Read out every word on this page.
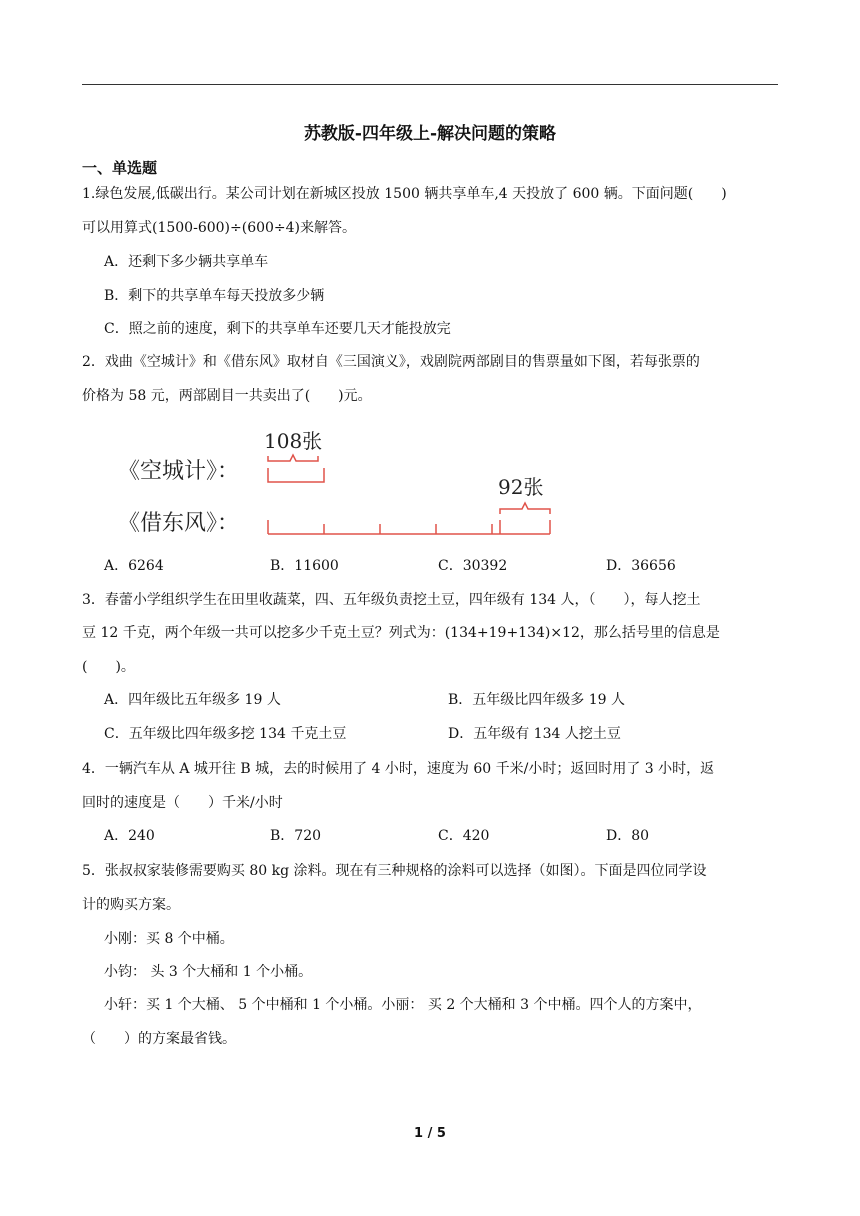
苏教版-四年级上-解决问题的策略
一、单选题
1.绿色发展,低碳出行。某公司计划在新城区投放 1500 辆共享单车,4 天投放了 600 辆。下面问题(　　)
可以用算式(1500-600)÷(600÷4)来解答。
A．还剩下多少辆共享单车
B．剩下的共享单车每天投放多少辆
C．照之前的速度，剩下的共享单车还要几天才能投放完
2．戏曲《空城计》和《借东风》取材自《三国演义》，戏剧院两部剧目的售票量如下图，若每张票的
价格为 58 元，两部剧目一共卖出了(　　)元。
108张
《空城计》：
92张
《借东风》：
A．6264	B．11600	C．30392	D．36656
3．春蕾小学组织学生在田里收蔬菜，四、五年级负责挖土豆，四年级有 134 人，（　　），每人挖土
豆 12 千克，两个年级一共可以挖多少千克土豆？列式为：(134+19+134)×12，那么括号里的信息是
(　　)。
A．四年级比五年级多 19 人	B．五年级比四年级多 19 人
C．五年级比四年级多挖 134 千克土豆	D．五年级有 134 人挖土豆
4．一辆汽车从 A 城开往 B 城，去的时候用了 4 小时，速度为 60 千米/小时；返回时用了 3 小时，返
回时的速度是（　　）千米/小时
A．240	B．720	C．420	D．80
5．张叔叔家装修需要购买 80 kg 涂料。现在有三种规格的涂料可以选择（如图）。下面是四位同学设
计的购买方案。
小刚：买 8 个中桶。
小钧： 头 3 个大桶和 1 个小桶。
小轩：买 1 个大桶、 5 个中桶和 1 个小桶。小丽： 买 2 个大桶和 3 个中桶。四个人的方案中，
（　　）的方案最省钱。
1 / 5
